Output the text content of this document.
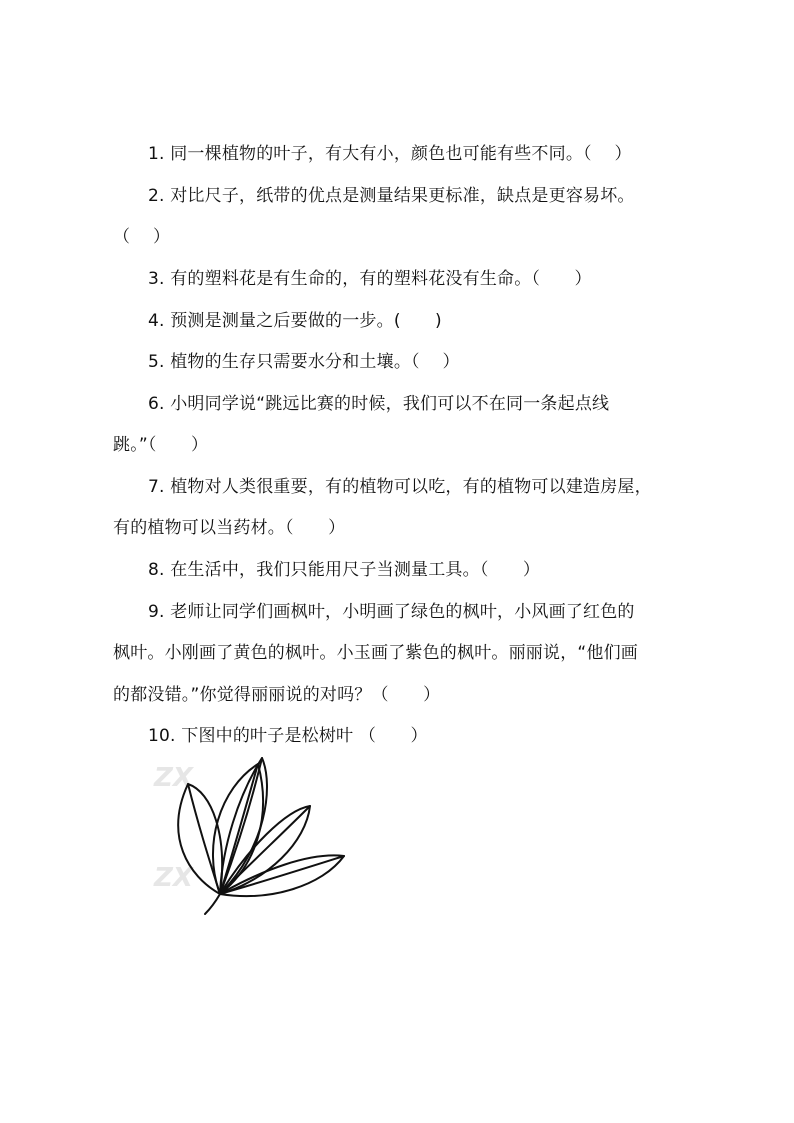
1. 同一棵植物的叶子，有大有小，颜色也可能有些不同。（　 ）
2. 对比尺子，纸带的优点是测量结果更标准，缺点是更容易坏。
（　 ）
3. 有的塑料花是有生命的，有的塑料花没有生命。（　　）
4. 预测是测量之后要做的一步。(　　)
5. 植物的生存只需要水分和土壤。（　 ）
6. 小明同学说“跳远比赛的时候，我们可以不在同一条起点线
跳。”（　　）
7. 植物对人类很重要，有的植物可以吃，有的植物可以建造房屋，
有的植物可以当药材。（　　）
8. 在生活中，我们只能用尺子当测量工具。（　　）
9. 老师让同学们画枫叶，小明画了绿色的枫叶，小风画了红色的
枫叶。小刚画了黄色的枫叶。小玉画了紫色的枫叶。丽丽说，“他们画
的都没错。”你觉得丽丽说的对吗？（　　）
10. 下图中的叶子是松树叶 （　　）
ZX
ZX
